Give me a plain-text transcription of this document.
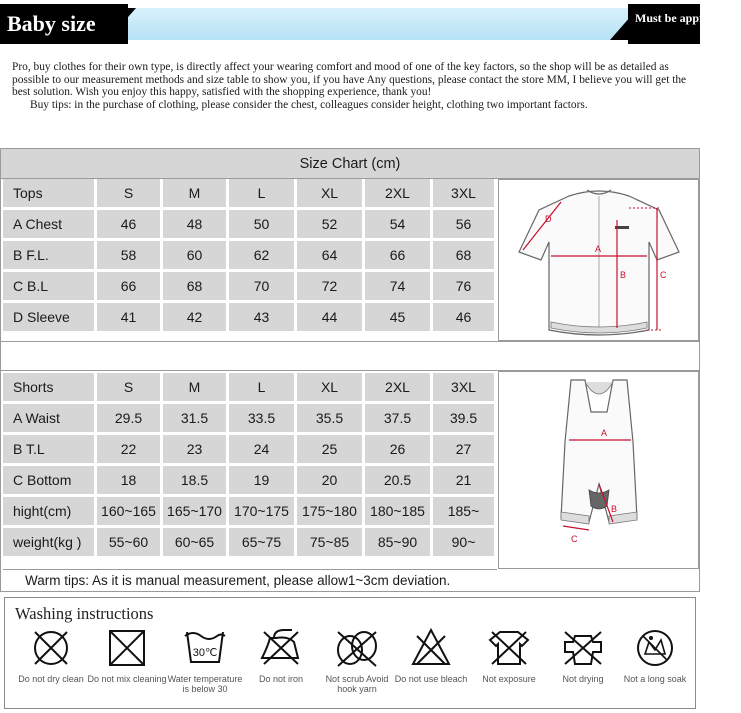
Baby size	Must be appropriate

Pro, buy clothes for their own type, is directly affect your wearing comfort and mood of one of the key factors, so the shop will be as detailed as possible to our measurement methods and size table to show you, if you have Any questions, please contact the store MM, I believe you will get the best solution. Wish you enjoy this happy, satisfied with the shopping experience, thank you!

Buy tips: in the purchase of clothing, please consider the chest, colleagues consider height, clothing two important factors.

Size Chart (cm)
Tops	S	M	L	XL	2XL	3XL
A Chest	46	48	50	52	54	56
B F.L.	58	60	62	64	66	68
C B.L	66	68	70	72	74	76
D Sleeve	41	42	43	44	45	46
Shorts	S	M	L	XL	2XL	3XL
A Waist	29.5	31.5	33.5	35.5	37.5	39.5
B T.L	22	23	24	25	26	27
C Bottom	18	18.5	19	20	20.5	21
hight(cm)	160~165	165~170	170~175	175~180	180~185	185~
weight(kg )	55~60	60~65	65~75	75~85	85~90	90~
A
B	C
D
A
B
C
Warm tips: As it is manual measurement, please allow1~3cm deviation.
Washing instructions
Do not dry clean Do not mix cleaning
30℃
Water temperature is below 30
Do not iron	Not scrub Avoid hook yarn
Do not use bleach	Not exposure	Not drying	Not a long soak
